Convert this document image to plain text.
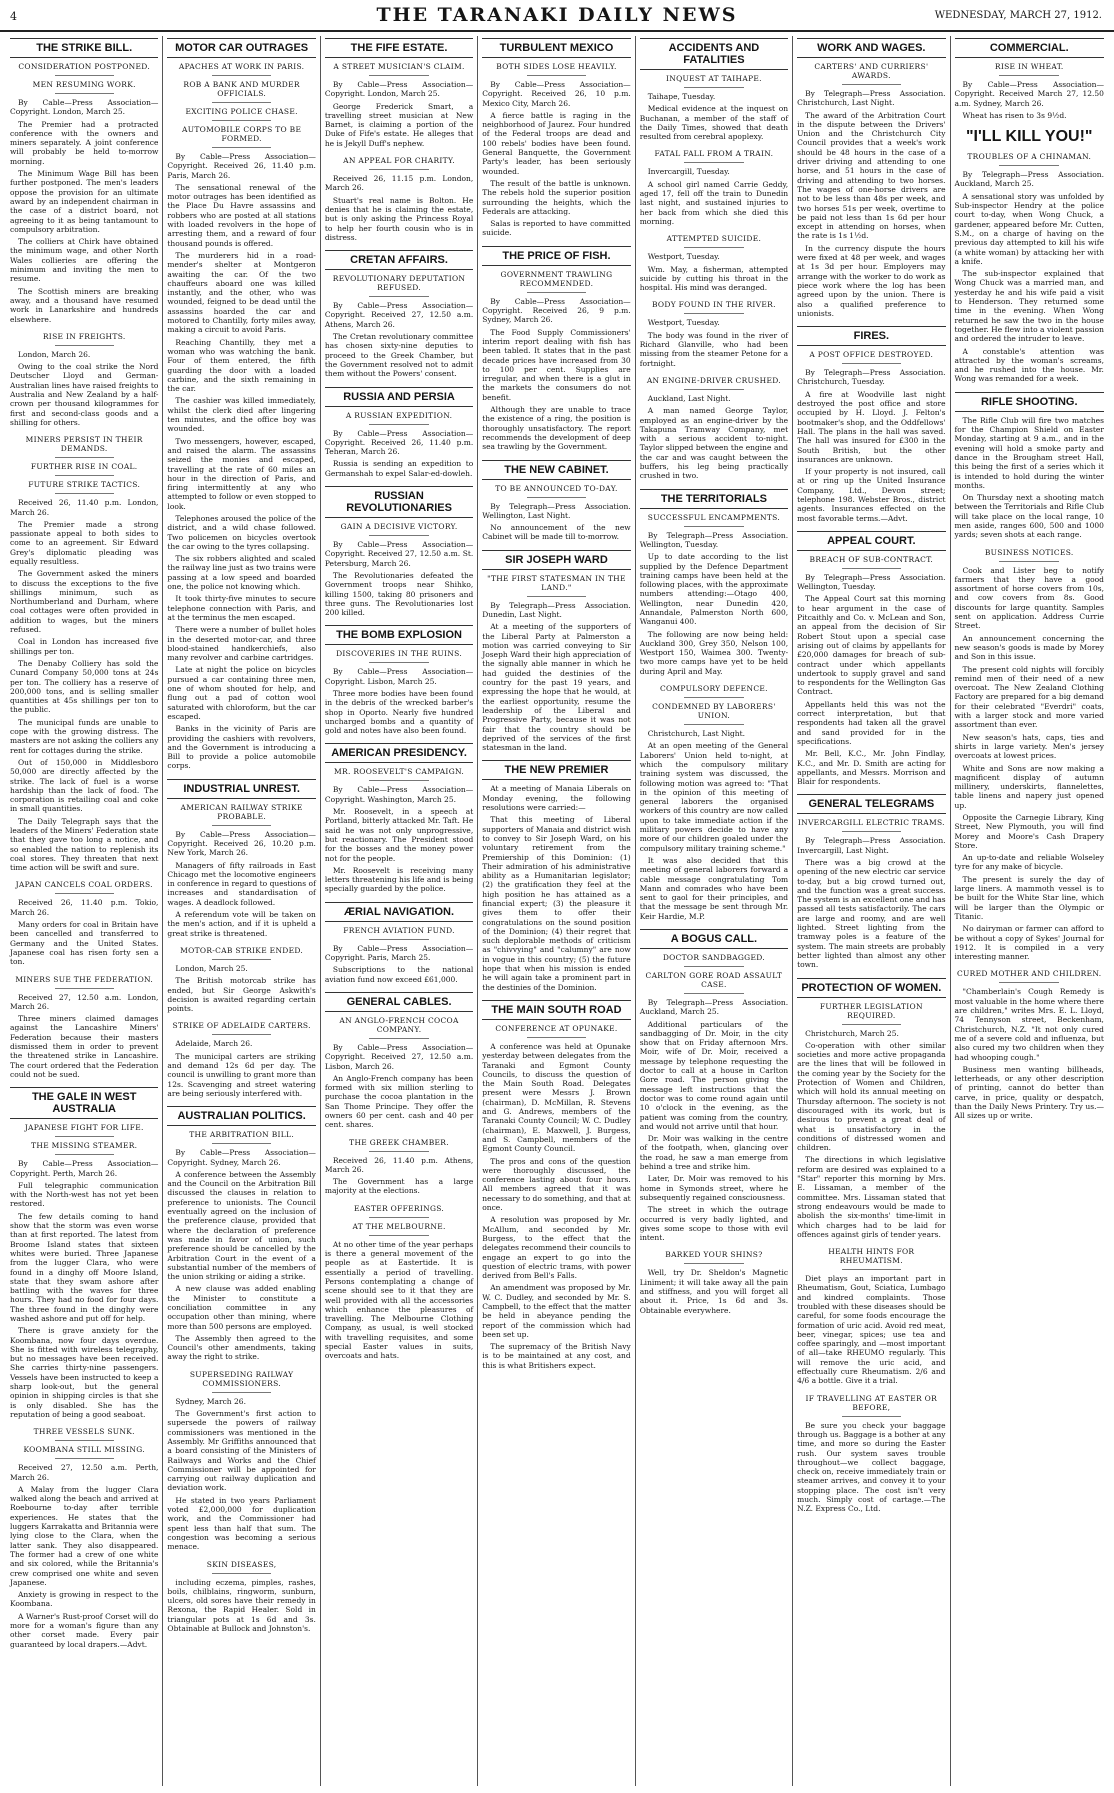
4	THE TARANAKI DAILY NEWS	WEDNESDAY, MARCH 27, 1912.
THE STRIKE BILL.
CONSIDERATION POSTPONED.
MEN RESUMING WORK.

By Cable—Press Association—Copyright. London, March 25.

The Premier had a protracted conference with the owners and miners separately. A joint conference will probably be held to-morrow morning.

The Minimum Wage Bill has been further postponed. The men's leaders oppose the provision for an ultimate award by an independent chairman in the case of a district board, not agreeing to it as being tantamount to compulsory arbitration.

The colliers at Chirk have obtained the minimum wage, and other North Wales collieries are offering the minimum and inviting the men to resume.

The Scottish miners are breaking away, and a thousand have resumed work in Lanarkshire and hundreds elsewhere.

RISE IN FREIGHTS.

London, March 26.

Owing to the coal strike the Nord Deutscher Lloyd and German-Australian lines have raised freights to Australia and New Zealand by a half-crown per thousand kilogrammes for first and second-class goods and a shilling for others.

MINERS PERSIST IN THEIR DEMANDS.
FURTHER RISE IN COAL.
FUTURE STRIKE TACTICS.

Received 26, 11.40 p.m. London, March 26.

The Premier made a strong passionate appeal to both sides to come to an agreement. Sir Edward Grey's diplomatic pleading was equally resultless.

The Government asked the miners to discuss the exceptions to the five shillings minimum, such as Northumberland and Durham, where coal cottages were often provided in addition to wages, but the miners refused.

Coal in London has increased five shillings per ton.

The Denaby Colliery has sold the Cunard Company 50,000 tons at 24s per ton. The colliery has a reserve of 200,000 tons, and is selling smaller quantities at 45s shillings per ton to the public.

The municipal funds are unable to cope with the growing distress. The masters are not asking the colliers any rent for cottages during the strike.

Out of 150,000 in Middlesboro 50,000 are directly affected by the strike. The lack of fuel is a worse hardship than the lack of food. The corporation is retailing coal and coke in small quantities.

The Daily Telegraph says that the leaders of the Miners' Federation state that they gave too long a notice, and so enabled the nation to replenish its coal stores. They threaten that next time action will be swift and sure.

JAPAN CANCELS COAL ORDERS.

Received 26, 11.40 p.m. Tokio, March 26.

Many orders for coal in Britain have been cancelled and transferred to Germany and the United States. Japanese coal has risen forty sen a ton.

MINERS SUE THE FEDERATION.

Received 27, 12.50 a.m. London, March 26.

Three miners claimed damages against the Lancashire Miners' Federation because their masters dismissed them in order to prevent the threatened strike in Lancashire. The court ordered that the Federation could not be sued.

THE GALE IN WEST AUSTRALIA
JAPANESE FIGHT FOR LIFE.
THE MISSING STEAMER.

By Cable—Press Association—Copyright. Perth, March 26.

Full telegraphic communication with the North-west has not yet been restored.

The few details coming to hand show that the storm was even worse than at first reported. The latest from Broome Island states that sixteen whites were buried. Three Japanese from the lugger Clara, who were found in a dinghy off Moore Island, state that they swam ashore after battling with the waves for three hours. They had no food for four days. The three found in the dinghy were washed ashore and put off for help.

There is grave anxiety for the Koombana, now four days overdue. She is fitted with wireless telegraphy, but no messages have been received. She carries thirty-nine passengers. Vessels have been instructed to keep a sharp look-out, but the general opinion in shipping circles is that she is only disabled. She has the reputation of being a good seaboat.

THREE VESSELS SUNK.
KOOMBANA STILL MISSING.

Received 27, 12.50 a.m. Perth, March 26.

A Malay from the lugger Clara walked along the beach and arrived at Roebourne to-day after terrible experiences. He states that the luggers Karrakatta and Britannia were lying close to the Clara, when the latter sank. They also disappeared. The former had a crew of one white and six colored, while the Britannia's crew comprised one white and seven Japanese.

Anxiety is growing in respect to the Koombana.

A Warner's Rust-proof Corset will do more for a woman's figure than any other corset made. Every pair guaranteed by local drapers.—Advt.

MOTOR CAR OUTRAGES
APACHES AT WORK IN PARIS.
ROB A BANK AND MURDER OFFICIALS.
EXCITING POLICE CHASE.
AUTOMOBILE CORPS TO BE FORMED.

By Cable—Press Association—Copyright. Received 26, 11.40 p.m. Paris, March 26.

The sensational renewal of the motor outrages has been identified as the Place Du Havre assassins and robbers who are posted at all stations with loaded revolvers in the hope of arresting them, and a reward of four thousand pounds is offered.

The murderers hid in a road-mender's shelter at Montgeron awaiting the car. Of the two chauffeurs aboard one was killed instantly, and the other, who was wounded, feigned to be dead until the assassins hoarded the car and motored to Chantilly, forty miles away, making a circuit to avoid Paris.

Reaching Chantilly, they met a woman who was watching the bank. Four of them entered, the fifth guarding the door with a loaded carbine, and the sixth remaining in the car.

The cashier was killed immediately, whilst the clerk died after lingering ten minutes, and the office boy was wounded.

Two messengers, however, escaped, and raised the alarm. The assassins seized the monies and escaped, travelling at the rate of 60 miles an hour in the direction of Paris, and firing intermittently at any who attempted to follow or even stopped to look.

Telephones aroused the police of the district, and a wild chase followed. Two policemen on bicycles overtook the car owing to the tyres collapsing.

The six robbers alighted and scaled the railway line just as two trains were passing at a low speed and boarded one, the police not knowing which.

It took thirty-five minutes to secure telephone connection with Paris, and at the terminus the men escaped.

There were a number of bullet holes in the deserted motor-car, and three blood-stained handkerchiefs, also many revolver and carbine cartridges.

Late at night the police on bicycles pursued a car containing three men, one of whom shouted for help, and flung out a pad of cotton wool saturated with chloroform, but the car escaped.

Banks in the vicinity of Paris are providing the cashiers with revolvers, and the Government is introducing a Bill to provide a police automobile corps.

INDUSTRIAL UNREST.
AMERICAN RAILWAY STRIKE PROBABLE.

By Cable—Press Association—Copyright. Received 26, 10.20 p.m. New York, March 26.

Managers of fifty railroads in East Chicago met the locomotive engineers in conference in regard to questions of increases and standardisation of wages. A deadlock followed.

A referendum vote will be taken on the men's action, and if it is upheld a great strike is threatened.

MOTOR-CAB STRIKE ENDED.

London, March 25.

The British motorcab strike has ended, but Sir George Askwith's decision is awaited regarding certain points.

STRIKE OF ADELAIDE CARTERS.

Adelaide, March 26.

The municipal carters are striking and demand 12s 6d per day. The council is unwilling to grant more than 12s. Scavenging and street watering are being seriously interfered with.

AUSTRALIAN POLITICS.
THE ARBITRATION BILL.

By Cable—Press Association—Copyright. Sydney, March 26.

A conference between the Assembly and the Council on the Arbitration Bill discussed the clauses in relation to preference to unionists. The Council eventually agreed on the inclusion of the preference clause, provided that where the declaration of preference was made in favor of union, such preference should be cancelled by the Arbitration Court in the event of a substantial number of the members of the union striking or aiding a strike.

A new clause was added enabling the Minister to constitute a conciliation committee in any occupation other than mining, where more than 500 persons are employed.

The Assembly then agreed to the Council's other amendments, taking away the right to strike.

SUPERSEDING RAILWAY COMMISSIONERS.

Sydney, March 26.

The Government's first action to supersede the powers of railway commissioners was mentioned in the Assembly. Mr Griffiths announced that a board consisting of the Ministers of Railways and Works and the Chief Commissioner will be appointed for carrying out railway duplication and deviation work.

He stated in two years Parliament voted £2,000,000 for duplication work, and the Commissioner had spent less than half that sum. The congestion was becoming a serious menace.

SKIN DISEASES,

including eczema, pimples, rashes, boils, chilblains, ringworm, sunburn, ulcers, old sores have their remedy in Rexona, the Rapid Healer. Sold in triangular pots at 1s 6d and 3s. Obtainable at Bullock and Johnston's.

THE FIFE ESTATE.
A STREET MUSICIAN'S CLAIM.

By Cable—Press Association—Copyright. London, March 25.

George Frederick Smart, a travelling street musician at New Barnet, is claiming a portion of the Duke of Fife's estate. He alleges that he is Jekyll Duff's nephew.

AN APPEAL FOR CHARITY.

Received 26, 11.15 p.m. London, March 26.

Stuart's real name is Bolton. He denies that he is claiming the estate, but is only asking the Princess Royal to help her fourth cousin who is in distress.

CRETAN AFFAIRS.
REVOLUTIONARY DEPUTATION REFUSED.

By Cable—Press Association—Copyright. Received 27, 12.50 a.m. Athens, March 26.

The Cretan revolutionary committee has chosen sixty-nine deputies to proceed to the Greek Chamber, but the Government resolved not to admit them without the Powers' consent.

RUSSIA AND PERSIA
A RUSSIAN EXPEDITION.

By Cable—Press Association—Copyright. Received 26, 11.40 p.m. Teheran, March 26.

Russia is sending an expedition to Germanshah to expel Salar-ed-dowleh.

RUSSIAN REVOLUTIONARIES
GAIN A DECISIVE VICTORY.

By Cable—Press Association—Copyright. Received 27, 12.50 a.m. St. Petersburg, March 26.

The Revolutionaries defeated the Government troops near Shihko, killing 1500, taking 80 prisoners and three guns. The Revolutionaries lost 200 killed.

THE BOMB EXPLOSION
DISCOVERIES IN THE RUINS.

By Cable—Press Association—Copyright. Lisbon, March 25.

Three more bodies have been found in the debris of the wrecked barber's shop in Oporto. Nearly five hundred uncharged bombs and a quantity of gold and notes have also been found.

AMERICAN PRESIDENCY.
MR. ROOSEVELT'S CAMPAIGN.

By Cable—Press Association—Copyright. Washington, March 25.

Mr. Roosevelt, in a speech at Portland, bitterly attacked Mr. Taft. He said he was not only unprogressive, but reactionary. The President stood for the bosses and the money power not for the people.

Mr. Roosevelt is receiving many letters threatening his life and is being specially guarded by the police.

ÆRIAL NAVIGATION.
FRENCH AVIATION FUND.

By Cable—Press Association—Copyright. Paris, March 25.

Subscriptions to the national aviation fund now exceed £61,000.

GENERAL CABLES.
AN ANGLO-FRENCH COCOA COMPANY.

By Cable—Press Association—Copyright. Received 27, 12.50 a.m. Lisbon, March 26.

An Anglo-French company has been formed with six million sterling to purchase the cocoa plantation in the San Thome Principe. They offer the owners 60 per cent. cash and 40 per cent. shares.

THE GREEK CHAMBER.

Received 26, 11.40 p.m. Athens, March 26.

The Government has a large majority at the elections.

EASTER OFFERINGS.
AT THE MELBOURNE.

At no other time of the year perhaps is there a general movement of the people as at Eastertide. It is essentially a period of travelling. Persons contemplating a change of scene should see to it that they are well provided with all the accessories which enhance the pleasures of travelling. The Melbourne Clothing Company, as usual, is well stocked with travelling requisites, and some special Easter values in suits, overcoats and hats.

TURBULENT MEXICO
BOTH SIDES LOSE HEAVILY.

By Cable—Press Association—Copyright. Received 26, 10 p.m. Mexico City, March 26.

A fierce battle is raging in the neighborhood of Jaurez. Four hundred of the Federal troops are dead and 100 rebels' bodies have been found. General Banquette, the Government Party's leader, has been seriously wounded.

The result of the battle is unknown. The rebels hold the superior position surrounding the heights, which the Federals are attacking.

Salas is reported to have committed suicide.

THE PRICE OF FISH.
GOVERNMENT TRAWLING RECOMMENDED.

By Cable—Press Association—Copyright. Received 26, 9 p.m. Sydney, March 26.

The Food Supply Commissioners' interim report dealing with fish has been tabled. It states that in the past decade prices have increased from 30 to 100 per cent. Supplies are irregular, and when there is a glut in the markets the consumers do not benefit.

Although they are unable to trace the existence of a ring, the position is thoroughly unsatisfactory. The report recommends the development of deep sea trawling by the Government.

THE NEW CABINET.
TO BE ANNOUNCED TO-DAY.

By Telegraph—Press Association. Wellington, Last Night.

No announcement of the new Cabinet will be made till to-morrow.

SIR JOSEPH WARD
"THE FIRST STATESMAN IN THE LAND."

By Telegraph—Press Association. Dunedin, Last Night.

At a meeting of the supporters of the Liberal Party at Palmerston a motion was carried conveying to Sir Joseph Ward their high appreciation of the signally able manner in which he had guided the destinies of the country for the past 19 years, and expressing the hope that he would, at the earliest opportunity, resume the leadership of the Liberal and Progressive Party, because it was not fair that the country should be deprived of the services of the first statesman in the land.

THE NEW PREMIER

At a meeting of Manaia Liberals on Monday evening, the following resolutions were carried:—

That this meeting of Liberal supporters of Manaia and district wish to convey to Sir Joseph Ward, on his voluntary retirement from the Premiership of this Dominion: (1) Their admiration of his administrative ability as a Humanitarian legislator; (2) the gratification they feel at the high position he has attained as a financial expert; (3) the pleasure it gives them to offer their congratulations on the sound position of the Dominion; (4) their regret that such deplorable methods of criticism as "chivvying" and "calumny" are now in vogue in this country; (5) the future hope that when his mission is ended he will again take a prominent part in the destinies of the Dominion.

THE MAIN SOUTH ROAD
CONFERENCE AT OPUNAKE.

A conference was held at Opunake yesterday between delegates from the Taranaki and Egmont County Councils, to discuss the question of the Main South Road. Delegates present were Messrs J. Brown (chairman), D. McMillan, R. Stevens and G. Andrews, members of the Taranaki County Council; W. C. Dudley (chairman), E. Maxwell, J. Burgess, and S. Campbell, members of the Egmont County Council.

The pros and cons of the question were thoroughly discussed, the conference lasting about four hours. All members agreed that it was necessary to do something, and that at once.

A resolution was proposed by Mr. McAllum, and seconded by Mr. Burgess, to the effect that the delegates recommend their councils to engage an expert to go into the question of electric trams, with power derived from Bell's Falls.

An amendment was proposed by Mr. W. C. Dudley, and seconded by Mr. S. Campbell, to the effect that the matter be held in abeyance pending the report of the commission which had been set up.

The supremacy of the British Navy is to be maintained at any cost, and this is what Britishers expect.

ACCIDENTS AND FATALITIES
INQUEST AT TAIHAPE.

Taihape, Tuesday.

Medical evidence at the inquest on Buchanan, a member of the staff of the Daily Times, showed that death resulted from cerebral apoplexy.

FATAL FALL FROM A TRAIN.

Invercargill, Tuesday.

A school girl named Carrie Geddy, aged 17, fell off the train to Dunedin last night, and sustained injuries to her back from which she died this morning.

ATTEMPTED SUICIDE.

Westport, Tuesday.

Wm. May, a fisherman, attempted suicide by cutting his throat in the hospital. His mind was deranged.

BODY FOUND IN THE RIVER.

Westport, Tuesday.

The body was found in the river of Richard Glanville, who had been missing from the steamer Petone for a fortnight.

AN ENGINE-DRIVER CRUSHED.

Auckland, Last Night.

A man named George Taylor, employed as an engine-driver by the Takapuna Tramway Company, met with a serious accident to-night. Taylor slipped between the engine and the car and was caught between the buffers, his leg being practically crushed in two.

THE TERRITORIALS
SUCCESSFUL ENCAMPMENTS.

By Telegraph—Press Association. Wellington, Tuesday.

Up to date according to the list supplied by the Defence Department training camps have been held at the following places, with the approximate numbers attending:—Otago 400, Wellington, near Dunedin 420, Annandale, Palmerston North 600, Wanganui 400.

The following are now being held: Auckland 300, Grey 350, Nelson 100, Westport 150, Waimea 300. Twenty-two more camps have yet to be held during April and May.

COMPULSORY DEFENCE.
CONDEMNED BY LABORERS' UNION.

Christchurch, Last Night.

At an open meeting of the General Laborers' Union held to-night, at which the compulsory military training system was discussed, the following motion was agreed to: "That in the opinion of this meeting of general laborers the organised workers of this country are now called upon to take immediate action if the military powers decide to have any more of our children goaled under the compulsory military training scheme."

It was also decided that this meeting of general laborers forward a cable message congratulating Tom Mann and comrades who have been sent to gaol for their principles, and that the message be sent through Mr. Keir Hardie, M.P.

A BOGUS CALL.
DOCTOR SANDBAGGED.
CARLTON GORE ROAD ASSAULT CASE.

By Telegraph—Press Association. Auckland, March 25.

Additional particulars of the sandbagging of Dr. Moir, in the city show that on Friday afternoon Mrs. Moir, wife of Dr. Moir, received a message by telephone requesting the doctor to call at a house in Carlton Gore road. The person giving the message left instructions that the doctor was to come round again until 10 o'clock in the evening, as the patient was coming from the country, and would not arrive until that hour.

Dr. Moir was walking in the centre of the footpath, when, glancing over the road, he saw a man emerge from behind a tree and strike him.

Later, Dr. Moir was removed to his home in Symonds street, where he subsequently regained consciousness.

The street in which the outrage occurred is very badly lighted, and gives some scope to those with evil intent.

BARKED YOUR SHINS?

Well, try Dr. Sheldon's Magnetic Liniment; it will take away all the pain and stiffness, and you will forget all about it. Price, 1s 6d and 3s. Obtainable everywhere.

WORK AND WAGES.
CARTERS' AND CURRIERS' AWARDS.

By Telegraph—Press Association. Christchurch, Last Night.

The award of the Arbitration Court in the dispute between the Drivers' Union and the Christchurch City Council provides that a week's work should be 48 hours in the case of a driver driving and attending to one horse, and 51 hours in the case of driving and attending to two horses. The wages of one-horse drivers are not to be less than 48s per week, and two horses 51s per week, overtime to be paid not less than 1s 6d per hour except in attending on horses, when the rate is 1s 1½d.

In the currency dispute the hours were fixed at 48 per week, and wages at 1s 3d per hour. Employers may arrange with the worker to do work as piece work where the log has been agreed upon by the union. There is also a qualified preference to unionists.

FIRES.
A POST OFFICE DESTROYED.

By Telegraph—Press Association. Christchurch, Tuesday.

A fire at Woodville last night destroyed the post office and store occupied by H. Lloyd. J. Felton's bootmaker's shop, and the Oddfellows' Hall. The plans in the hall was saved. The hall was insured for £300 in the South British, but the other insurances are unknown.

If your property is not insured, call at or ring up the United Insurance Company, Ltd., Devon street; telephone 198. Webster Bros., district agents. Insurances effected on the most favorable terms.—Advt.

APPEAL COURT.
BREACH OF SUB-CONTRACT.

By Telegraph—Press Association. Wellington, Tuesday.

The Appeal Court sat this morning to hear argument in the case of Pitcaithly and Co. v. McLean and Son, an appeal from the decision of Sir Robert Stout upon a special case arising out of claims by appellants for £20,000 damages for breach of sub-contract under which appellants undertook to supply gravel and sand to respondents for the Wellington Gas Contract.

Appellants held this was not the correct interpretation, but that respondents had taken all the gravel and sand provided for in the specifications.

Mr. Bell, K.C., Mr. John Findlay, K.C., and Mr. D. Smith are acting for appellants, and Messrs. Morrison and Blair for respondents.

GENERAL TELEGRAMS
INVERCARGILL ELECTRIC TRAMS.

By Telegraph—Press Association. Invercargill, Last Night.

There was a big crowd at the opening of the new electric car service to-day, but a big crowd turned out, and the function was a great success. The system is an excellent one and has passed all tests satisfactorily. The cars are large and roomy, and are well lighted. Street lighting from the tramway poles is a feature of the system. The main streets are probably better lighted than almost any other town.

PROTECTION OF WOMEN.
FURTHER LEGISLATION REQUIRED.

Christchurch, March 25.

Co-operation with other similar societies and more active propaganda are the lines that will be followed in the coming year by the Society for the Protection of Women and Children, which will hold its annual meeting on Thursday afternoon. The society is not discouraged with its work, but is desirous to prevent a great deal of what is unsatisfactory in the conditions of distressed women and children.

The directions in which legislative reform are desired was explained to a "Star" reporter this morning by Mrs. E. Lissaman, a member of the committee. Mrs. Lissaman stated that strong endeavours would be made to abolish the six-months' time-limit in which charges had to be laid for offences against girls of tender years.

HEALTH HINTS FOR RHEUMATISM.

Diet plays an important part in Rheumatism, Gout, Sciatica, Lumbago and kindred complaints. Those troubled with these diseases should be careful, for some foods encourage the formation of uric acid. Avoid red meat, beer, vinegar, spices; use tea and coffee sparingly, and —most important of all—take RHEUMO regularly. This will remove the uric acid, and effectually cure Rheumatism. 2/6 and 4/6 a bottle. Give it a trial.

IF TRAVELLING AT EASTER OR BEFORE,

Be sure you check your baggage through us. Baggage is a bother at any time, and more so during the Easter rush. Our system saves trouble throughout—we collect baggage, check on, receive immediately train or steamer arrives, and convey it to your stopping place. The cost isn't very much. Simply cost of cartage.—The N.Z. Express Co., Ltd.

COMMERCIAL.
RISE IN WHEAT.

By Cable—Press Association—Copyright. Received March 27, 12.50 a.m. Sydney, March 26.

Wheat has risen to 3s 9½d.

"I'LL KILL YOU!"
TROUBLES OF A CHINAMAN.

By Telegraph—Press Association. Auckland, March 25.

A sensational story was unfolded by Sub-inspector Hendry at the police court to-day, when Wong Chuck, a gardener, appeared before Mr. Cutten, S.M., on a charge of having on the previous day attempted to kill his wife (a white woman) by attacking her with a knife.

The sub-inspector explained that Wong Chuck was a married man, and yesterday he and his wife paid a visit to Henderson. They returned some time in the evening. When Wong returned he saw the two in the house together. He flew into a violent passion and ordered the intruder to leave.

A constable's attention was attracted by the woman's screams, and he rushed into the house. Mr. Wong was remanded for a week.

RIFLE SHOOTING.

The Rifle Club will fire two matches for the Champion Shield on Easter Monday, starting at 9 a.m., and in the evening will hold a smoke party and dance in the Brougham street Hall, this being the first of a series which it is intended to hold during the winter months.

On Thursday next a shooting match between the Territorials and Rifle Club will take place on the local range, 10 men aside, ranges 600, 500 and 1000 yards; seven shots at each range.

BUSINESS NOTICES.

Cook and Lister beg to notify farmers that they have a good assortment of horse covers from 10s, and cow covers from 8s. Good discounts for large quantity. Samples sent on application. Address Currie Street.

An announcement concerning the new season's goods is made by Morey and Son in this issue.

The present cold nights will forcibly remind men of their need of a new overcoat. The New Zealand Clothing Factory are prepared for a big demand for their celebrated "Everdri" coats, with a larger stock and more varied assortment than ever.

New season's hats, caps, ties and shirts in large variety. Men's jersey overcoats at lowest prices.

White and Sons are now making a magnificent display of autumn millinery, underskirts, flannelettes, table linens and napery just opened up.

Opposite the Carnegie Library, King Street, New Plymouth, you will find Morey and Moore's Cash Drapery Store.

An up-to-date and reliable Wolseley tyre for any make of bicycle.

The present is surely the day of large liners. A mammoth vessel is to be built for the White Star line, which will be larger than the Olympic or Titanic.

No dairyman or farmer can afford to be without a copy of Sykes' Journal for 1912. It is compiled in a very interesting manner.

CURED MOTHER AND CHILDREN.

"Chamberlain's Cough Remedy is most valuable in the home where there are children," writes Mrs. E. L. Lloyd, 74 Tennyson street, Beckenham, Christchurch, N.Z. "It not only cured me of a severe cold and influenza, but also cured my two children when they had whooping cough."

Business men wanting billheads, letterheads, or any other description of printing, cannot do better than carve, in price, quality or despatch, than the Daily News Printery. Try us.—All sizes up or write.
